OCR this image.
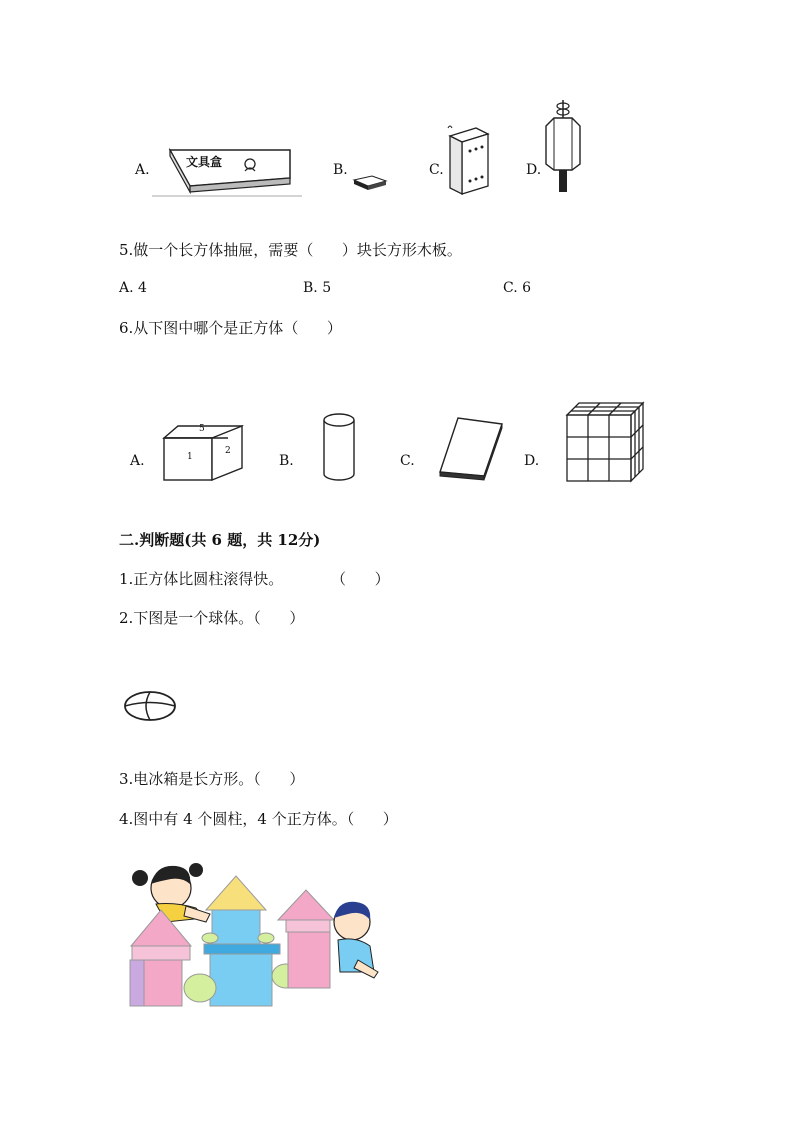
A.	文具盒	B.	C.	D.
5.做一个长方体抽屉，需要（      ）块长方形木板。
A. 4	B. 5	C. 6
6.从下图中哪个是正方体（      ）
A.
5
1
2
B.	C.	D.
二.判断题(共 6 题，共 12分)
1.正方体比圆柱滚得快。          （      ）
2.下图是一个球体。（      ）
3.电冰箱是长方形。（      ）
4.图中有 4 个圆柱，4 个正方体。（      ）
